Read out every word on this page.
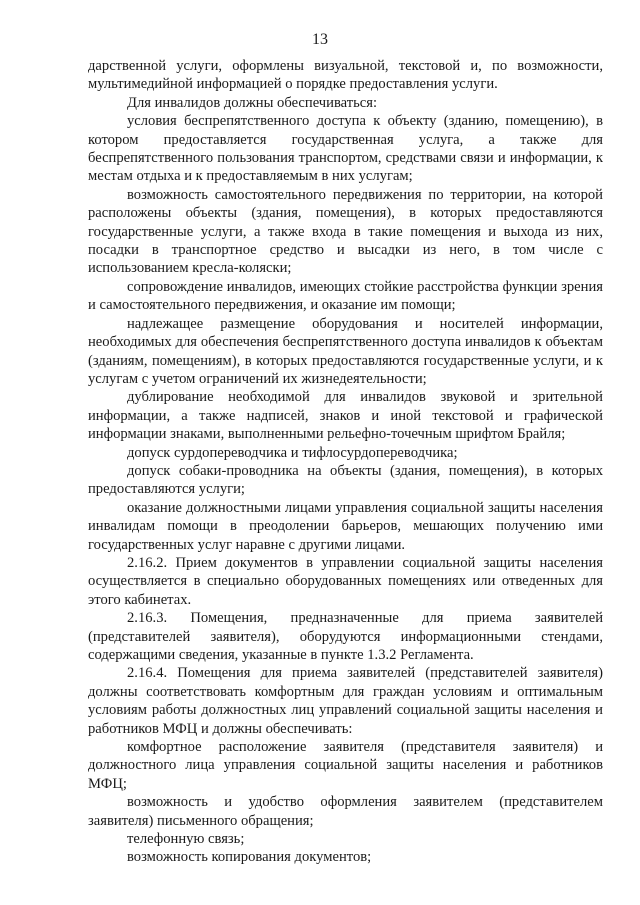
13

дарственной услуги, оформлены визуальной, текстовой и, по возможности, мультимедийной информацией о порядке предоставления услуги.

Для инвалидов должны обеспечиваться:

условия беспрепятственного доступа к объекту (зданию, помещению), в котором предоставляется государственная услуга, а также для беспрепятственного пользования транспортом, средствами связи и информации, к местам отдыха и к предоставляемым в них услугам;

возможность самостоятельного передвижения по территории, на которой расположены объекты (здания, помещения), в которых предоставляются государственные услуги, а также входа в такие помещения и выхода из них, посадки в транспортное средство и высадки из него, в том числе с использованием кресла-коляски;

сопровождение инвалидов, имеющих стойкие расстройства функции зрения и самостоятельного передвижения, и оказание им помощи;

надлежащее размещение оборудования и носителей информации, необходимых для обеспечения беспрепятственного доступа инвалидов к объектам (зданиям, помещениям), в которых предоставляются государственные услуги, и к услугам с учетом ограничений их жизнедеятельности;

дублирование необходимой для инвалидов звуковой и зрительной информации, а также надписей, знаков и иной текстовой и графической информации знаками, выполненными рельефно-точечным шрифтом Брайля;

допуск сурдопереводчика и тифлосурдопереводчика;

допуск собаки-проводника на объекты (здания, помещения), в которых предоставляются услуги;

оказание должностными лицами управления социальной защиты населения инвалидам помощи в преодолении барьеров, мешающих получению ими государственных услуг наравне с другими лицами.

2.16.2. Прием документов в управлении социальной защиты населения осуществляется в специально оборудованных помещениях или отведенных для этого кабинетах.

2.16.3. Помещения, предназначенные для приема заявителей (представителей заявителя), оборудуются информационными стендами, содержащими сведения, указанные в пункте 1.3.2 Регламента.

2.16.4. Помещения для приема заявителей (представителей заявителя) должны соответствовать комфортным для граждан условиям и оптимальным условиям работы должностных лиц управлений социальной защиты населения и работников МФЦ и должны обеспечивать:

комфортное расположение заявителя (представителя заявителя) и должностного лица управления социальной защиты населения и работников МФЦ;

возможность и удобство оформления заявителем (представителем заявителя) письменного обращения;

телефонную связь;

возможность копирования документов;
